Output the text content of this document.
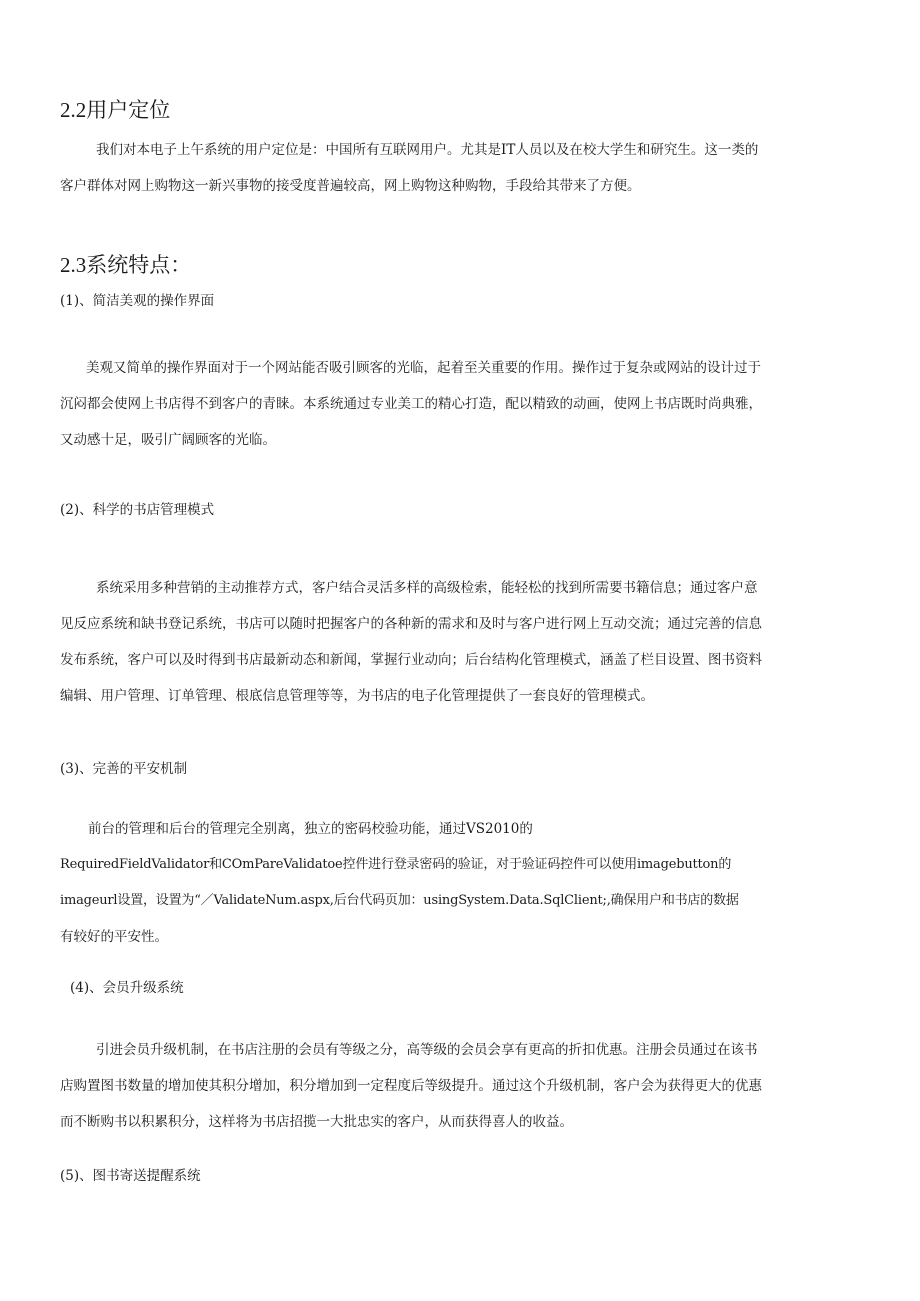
2.2用户定位
我们对本电子上午系统的用户定位是：中国所有互联网用户。尤其是IT人员以及在校大学生和研究生。这一类的
客户群体对网上购物这一新兴事物的接受度普遍较高，网上购物这种购物，手段给其带来了方便。
2.3系统特点：
(1)、简洁美观的操作界面
美观又简单的操作界面对于一个网站能否吸引顾客的光临，起着至关重要的作用。操作过于复杂或网站的设计过于
沉闷都会使网上书店得不到客户的青睐。本系统通过专业美工的精心打造，配以精致的动画，使网上书店既时尚典雅，
又动感十足，吸引广阔顾客的光临。
(2)、科学的书店管理模式
系统采用多种营销的主动推荐方式，客户结合灵活多样的高级检索，能轻松的找到所需要书籍信息；通过客户意
见反应系统和缺书登记系统，书店可以随时把握客户的各种新的需求和及时与客户进行网上互动交流；通过完善的信息
发布系统，客户可以及时得到书店最新动态和新闻，掌握行业动向；后台结构化管理模式，涵盖了栏目设置、图书资料
编辑、用户管理、订单管理、根底信息管理等等，为书店的电子化管理提供了一套良好的管理模式。
(3)、完善的平安机制
前台的管理和后台的管理完全别离，独立的密码校验功能，通过VS2010的
RequiredFieldValidator和COmPareValidatoe控件进行登录密码的验证，对于验证码控件可以使用imagebutton的
imageurl设置，设置为“／ValidateNum.aspx,后台代码页加：usingSystem.Data.SqlClient;,确保用户和书店的数据
有较好的平安性。
(4)、会员升级系统
引进会员升级机制，在书店注册的会员有等级之分，高等级的会员会享有更高的折扣优惠。注册会员通过在该书
店购置图书数量的增加使其积分增加，积分增加到一定程度后等级提升。通过这个升级机制，客户会为获得更大的优惠
而不断购书以积累积分，这样将为书店招揽一大批忠实的客户，从而获得喜人的收益。
(5)、图书寄送提醒系统
